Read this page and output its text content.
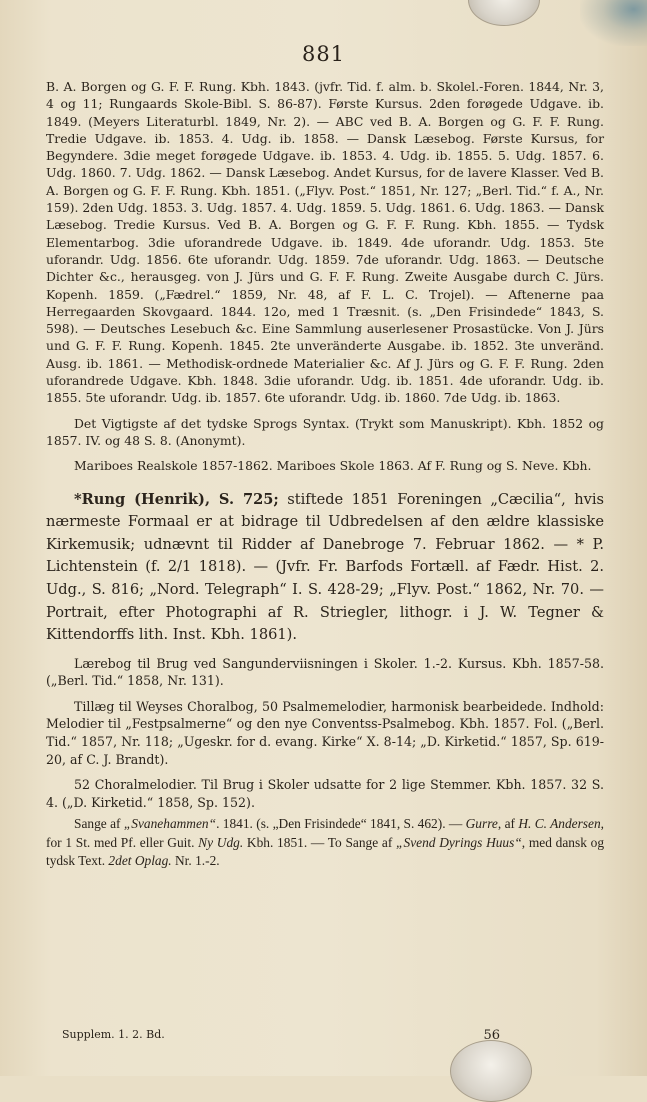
881

B. A. Borgen og G. F. F. Rung. Kbh. 1843. (jvfr. Tid. f. alm. b. Skolel.-Foren. 1844, Nr. 3, 4 og 11; Rungaards Skole-Bibl. S. 86-87). Første Kursus. 2den forøgede Udgave. ib. 1849. (Meyers Literaturbl. 1849, Nr. 2). — ABC ved B. A. Borgen og G. F. F. Rung. Tredie Udgave. ib. 1853. 4. Udg. ib. 1858. — Dansk Læsebog. Første Kursus, for Begyndere. 3die meget forøgede Udgave. ib. 1853. 4. Udg. ib. 1855. 5. Udg. 1857. 6. Udg. 1860. 7. Udg. 1862. — Dansk Læsebog. Andet Kursus, for de lavere Klasser. Ved B. A. Borgen og G. F. F. Rung. Kbh. 1851. („Flyv. Post.“ 1851, Nr. 127; „Berl. Tid.“ f. A., Nr. 159). 2den Udg. 1853. 3. Udg. 1857. 4. Udg. 1859. 5. Udg. 1861. 6. Udg. 1863. — Dansk Læsebog. Tredie Kursus. Ved B. A. Borgen og G. F. F. Rung. Kbh. 1855. — Tydsk Elementarbog. 3die uforandrede Udgave. ib. 1849. 4de uforandr. Udg. 1853. 5te uforandr. Udg. 1856. 6te uforandr. Udg. 1859. 7de uforandr. Udg. 1863. — Deutsche Dichter &c., herausgeg. von J. Jürs und G. F. F. Rung. Zweite Ausgabe durch C. Jürs. Kopenh. 1859. („Fædrel.“ 1859, Nr. 48, af F. L. C. Trojel). — Aftenerne paa Herregaarden Skovgaard. 1844. 12o, med 1 Træsnit. (s. „Den Frisindede“ 1843, S. 598). — Deutsches Lesebuch &c. Eine Sammlung auserlesener Prosastücke. Von J. Jürs und G. F. F. Rung. Kopenh. 1845. 2te unveränderte Ausgabe. ib. 1852. 3te unveränd. Ausg. ib. 1861. — Methodisk-ordnede Materialier &c. Af J. Jürs og G. F. F. Rung. 2den uforandrede Udgave. Kbh. 1848. 3die uforandr. Udg. ib. 1851. 4de uforandr. Udg. ib. 1855. 5te uforandr. Udg. ib. 1857. 6te uforandr. Udg. ib. 1860. 7de Udg. ib. 1863.

Det Vigtigste af det tydske Sprogs Syntax. (Trykt som Manuskript). Kbh. 1852 og 1857. IV. og 48 S. 8. (Anonymt).

Mariboes Realskole 1857-1862. Mariboes Skole 1863. Af F. Rung og S. Neve. Kbh.

*Rung (Henrik), S. 725; stiftede 1851 Foreningen „Cæcilia“, hvis nærmeste Formaal er at bidrage til Udbredelsen af den ældre klassiske Kirkemusik; udnævnt til Ridder af Danebroge 7. Februar 1862. — * P. Lichtenstein (f. 2/1 1818). — (Jvfr. Fr. Barfods Fortæll. af Fædr. Hist. 2. Udg., S. 816; „Nord. Telegraph“ I. S. 428-29; „Flyv. Post.“ 1862, Nr. 70. — Portrait, efter Photographi af R. Striegler, lithogr. i J. W. Tegner & Kittendorffs lith. Inst. Kbh. 1861).

Lærebog til Brug ved Sangunderviisningen i Skoler. 1.-2. Kursus. Kbh. 1857-58. („Berl. Tid.“ 1858, Nr. 131).

Tillæg til Weyses Choralbog, 50 Psalmemelodier, harmonisk bearbeidede. Indhold: Melodier til „Festpsalmerne“ og den nye Conventss-Psalmebog. Kbh. 1857. Fol. („Berl. Tid.“ 1857, Nr. 118; „Ugeskr. for d. evang. Kirke“ X. 8-14; „D. Kirketid.“ 1857, Sp. 619-20, af C. J. Brandt).

52 Choralmelodier. Til Brug i Skoler udsatte for 2 lige Stemmer. Kbh. 1857. 32 S. 4. („D. Kirketid.“ 1858, Sp. 152).

Sange af „Svanehammen“. 1841. (s. „Den Frisindede“ 1841, S. 462). — Gurre, af H. C. Andersen, for 1 St. med Pf. eller Guit. Ny Udg. Kbh. 1851. — To Sange af „Svend Dyrings Huus“, med dansk og tydsk Text. 2det Oplag. Nr. 1.-2.

Supplem. 1. 2. Bd.	56
